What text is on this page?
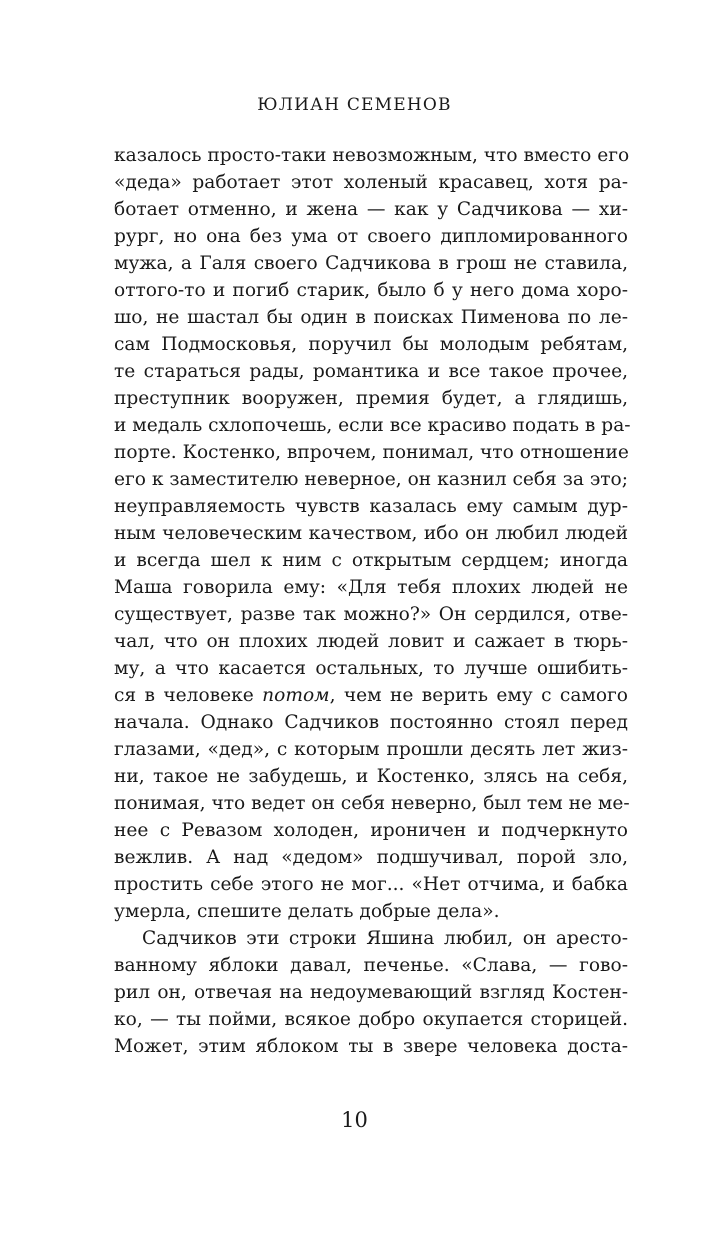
ЮЛИАН СЕМЕНОВ
казалось просто-таки невозможным, что вместо его
«деда» работает этот холеный красавец, хотя ра-
ботает отменно, и жена — как у Садчикова — хи-
рург, но она без ума от своего дипломированного
мужа, а Галя своего Садчикова в грош не ставила,
оттого-то и погиб старик, было б у него дома хоро-
шо, не шастал бы один в поисках Пименова по ле-
сам Подмосковья, поручил бы молодым ребятам,
те стараться рады, романтика и все такое прочее,
преступник вооружен, премия будет, а глядишь,
и медаль схлопочешь, если все красиво подать в ра-
порте. Костенко, впрочем, понимал, что отношение
его к заместителю неверное, он казнил себя за это;
неуправляемость чувств казалась ему самым дур-
ным человеческим качеством, ибо он любил людей
и всегда шел к ним с открытым сердцем; иногда
Маша говорила ему: «Для тебя плохих людей не
существует, разве так можно?» Он сердился, отве-
чал, что он плохих людей ловит и сажает в тюрь-
му, а что касается остальных, то лучше ошибить-
ся в человеке потом, чем не верить ему с самого
начала. Однако Садчиков постоянно стоял перед
глазами, «дед», с которым прошли десять лет жиз-
ни, такое не забудешь, и Костенко, злясь на себя,
понимая, что ведет он себя неверно, был тем не ме-
нее с Ревазом холоден, ироничен и подчеркнуто
вежлив. А над «дедом» подшучивал, порой зло,
простить себе этого не мог... «Нет отчима, и бабка
умерла, спешите делать добрые дела».
Садчиков эти строки Яшина любил, он аресто-
ванному яблоки давал, печенье. «Слава, — гово-
рил он, отвечая на недоумевающий взгляд Костен-
ко, — ты пойми, всякое добро окупается сторицей.
Может, этим яблоком ты в звере человека доста-
10
